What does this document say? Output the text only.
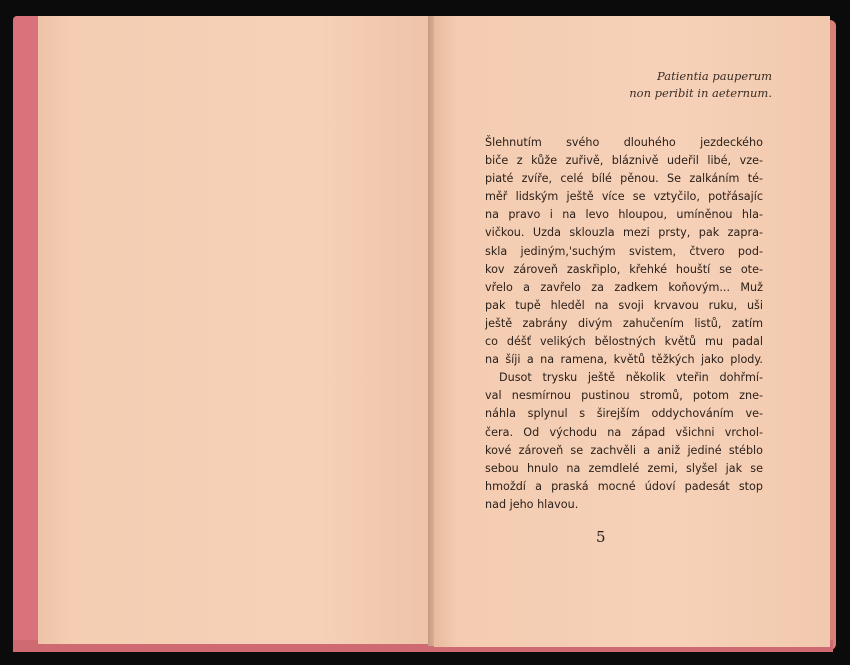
Patientia pauperum
non peribit in aeternum.
Šlehnutím svého dlouhého jezdeckého
biče z kůže zuřivě, bláznivě udeřil libé, vze-
piaté zvíře, celé bílé pěnou. Se zalkáním té-
měř lidským ještě více se vztyčilo, potřásajíc
na pravo i na levo hloupou, umíněnou hla-
vičkou. Uzda sklouzla mezi prsty, pak zapra-
skla jediným,'suchým svistem, čtvero pod-
kov zároveň zaskřiplo, křehké houští se ote-
vřelo a zavřelo za zadkem koňovým... Muž
pak tupě hleděl na svoji krvavou ruku, uši
ještě zabrány divým zahučením listů, zatím
co déšť velikých bělostných květů mu padal
na šíji a na ramena, květů těžkých jako plody.
Dusot trysku ještě několik vteřin dohřmí-
val nesmírnou pustinou stromů, potom zne-
náhla splynul s širejším oddychováním ve-
čera. Od východu na západ všichni vrchol-
kové zároveň se zachvěli a aniž jediné stéblo
sebou hnulo na zemdlelé zemi, slyšel jak se
hmoždí a praská mocné údoví padesát stop
nad jeho hlavou.
5
